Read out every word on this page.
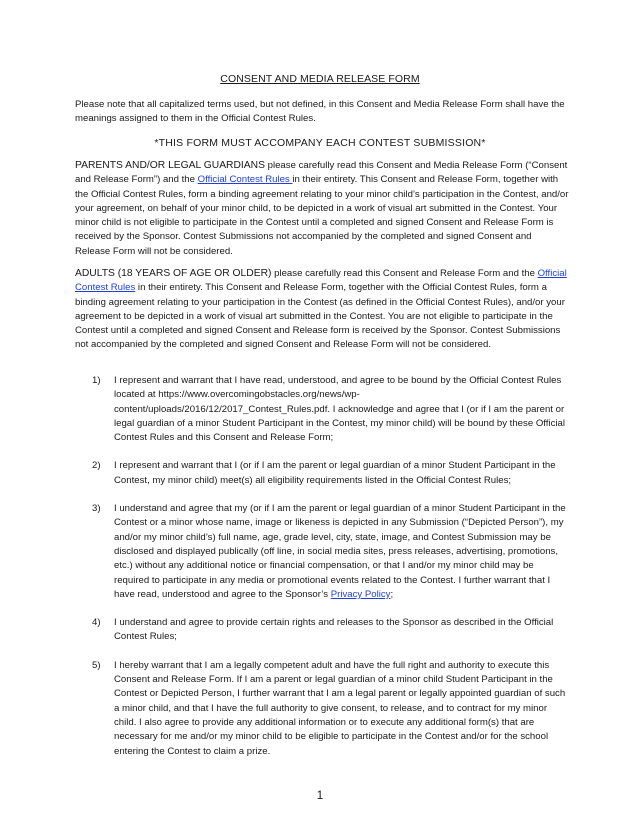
CONSENT AND MEDIA RELEASE FORM
Please note that all capitalized terms used, but not defined, in this Consent and Media Release Form shall have the meanings assigned to them in the Official Contest Rules.
*THIS FORM MUST ACCOMPANY EACH CONTEST SUBMISSION*
PARENTS AND/OR LEGAL GUARDIANS please carefully read this Consent and Media Release Form (“Consent and Release Form”) and the Official Contest Rules in their entirety. This Consent and Release Form, together with the Official Contest Rules, form a binding agreement relating to your minor child’s participation in the Contest, and/or your agreement, on behalf of your minor child, to be depicted in a work of visual art submitted in the Contest. Your minor child is not eligible to participate in the Contest until a completed and signed Consent and Release Form is received by the Sponsor. Contest Submissions not accompanied by the completed and signed Consent and Release Form will not be considered.
ADULTS (18 YEARS OF AGE OR OLDER) please carefully read this Consent and Release Form and the Official Contest Rules in their entirety. This Consent and Release Form, together with the Official Contest Rules, form a binding agreement relating to your participation in the Contest (as defined in the Official Contest Rules), and/or your agreement to be depicted in a work of visual art submitted in the Contest. You are not eligible to participate in the Contest until a completed and signed Consent and Release form is received by the Sponsor. Contest Submissions not accompanied by the completed and signed Consent and Release Form will not be considered.
1) I represent and warrant that I have read, understood, and agree to be bound by the Official Contest Rules located at https://www.overcomingobstacles.org/news/wp-content/uploads/2016/12/2017_Contest_Rules.pdf. I acknowledge and agree that I (or if I am the parent or legal guardian of a minor Student Participant in the Contest, my minor child) will be bound by these Official Contest Rules and this Consent and Release Form;
2) I represent and warrant that I (or if I am the parent or legal guardian of a minor Student Participant in the Contest, my minor child) meet(s) all eligibility requirements listed in the Official Contest Rules;
3) I understand and agree that my (or if I am the parent or legal guardian of a minor Student Participant in the Contest or a minor whose name, image or likeness is depicted in any Submission (“Depicted Person”), my and/or my minor child’s) full name, age, grade level, city, state, image, and Contest Submission may be disclosed and displayed publically (off line, in social media sites, press releases, advertising, promotions, etc.) without any additional notice or financial compensation, or that I and/or my minor child may be required to participate in any media or promotional events related to the Contest. I further warrant that I have read, understood and agree to the Sponsor’s Privacy Policy;
4) I understand and agree to provide certain rights and releases to the Sponsor as described in the Official Contest Rules;
5) I hereby warrant that I am a legally competent adult and have the full right and authority to execute this Consent and Release Form. If I am a parent or legal guardian of a minor child Student Participant in the Contest or Depicted Person, I further warrant that I am a legal parent or legally appointed guardian of such a minor child, and that I have the full authority to give consent, to release, and to contract for my minor child. I also agree to provide any additional information or to execute any additional form(s) that are necessary for me and/or my minor child to be eligible to participate in the Contest and/or for the school entering the Contest to claim a prize.
1
